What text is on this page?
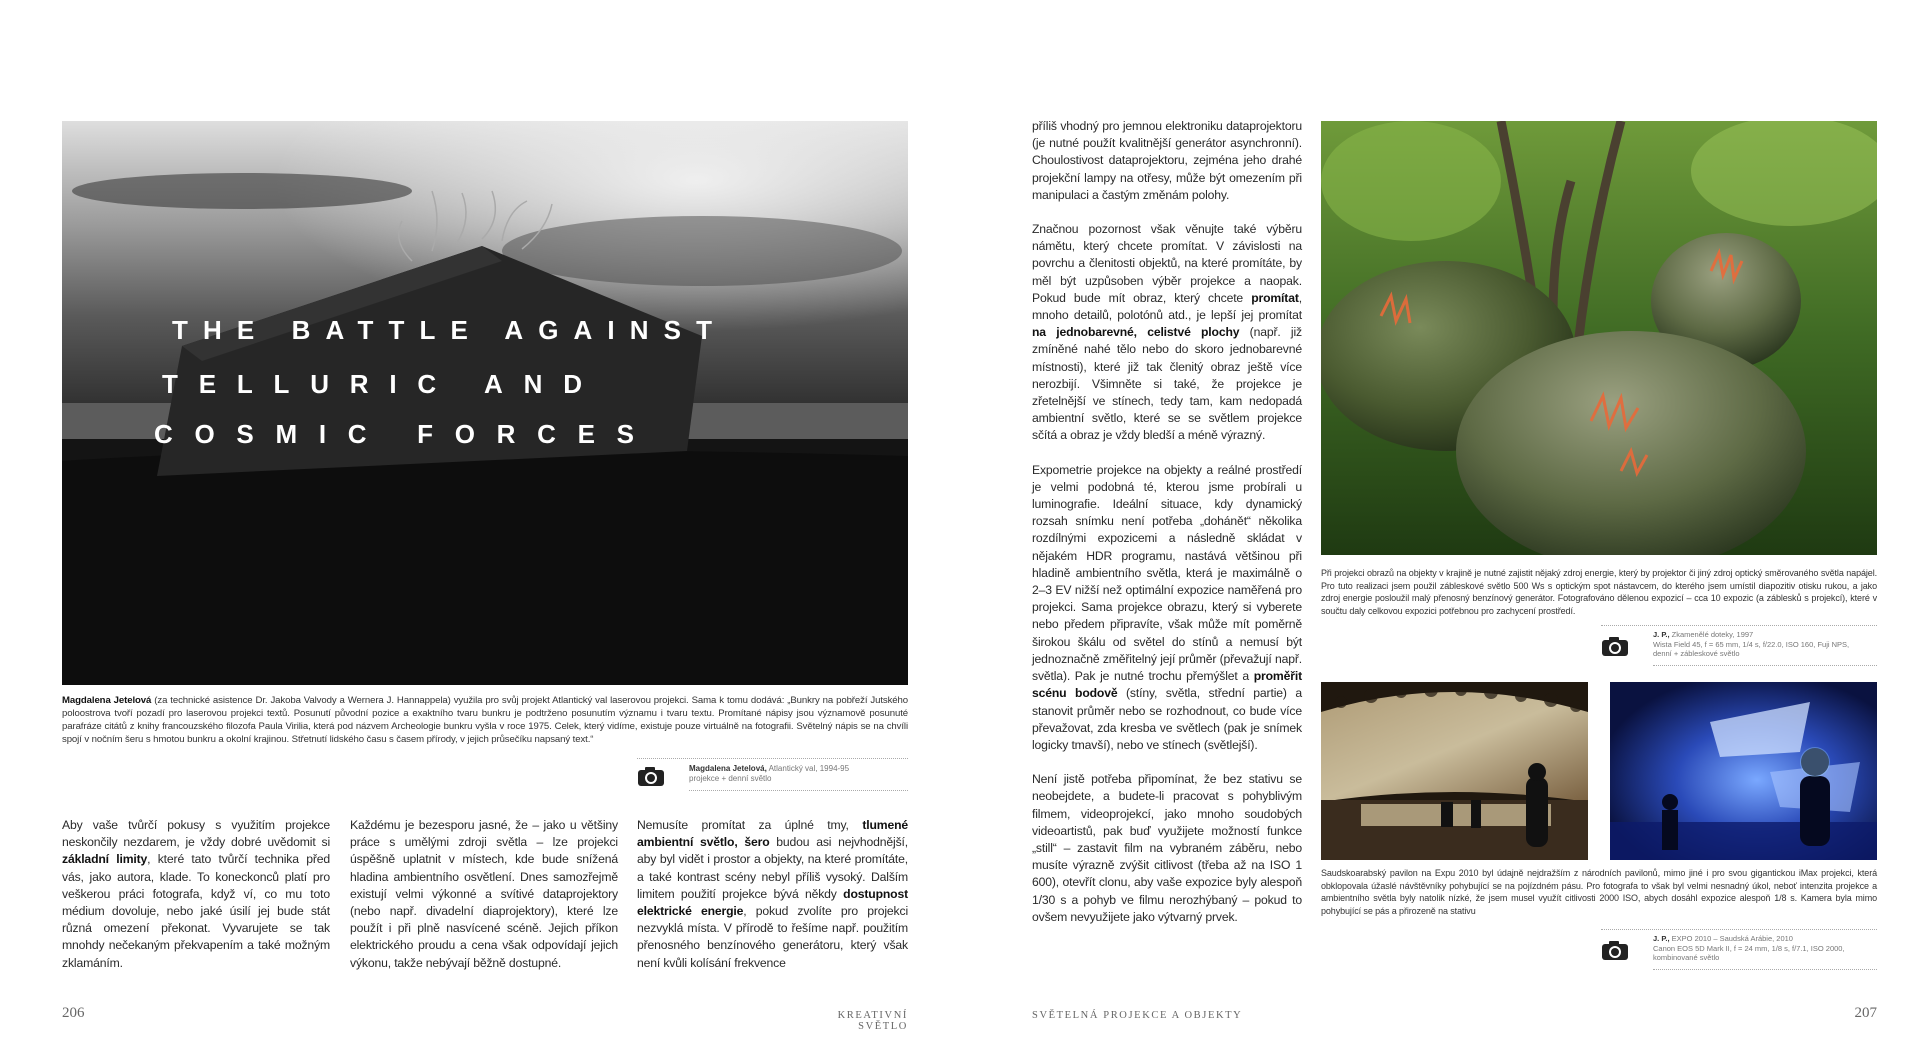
THE BATTLE AGAINST
TELLURIC AND
COSMIC FORCES
Magdalena Jetelová (za technické asistence Dr. Jakoba Valvody a Wernera J. Hannappela) využila pro svůj projekt Atlantický val laserovou projekci. Sama k tomu dodává: „Bunkry na pobřeží Jutského poloostrova tvoří pozadí pro laserovou projekci textů. Posunutí původní pozice a exaktního tvaru bunkru je podtrženo posunutím významu i tvaru textu. Promítané nápisy jsou významově posunuté parafráze citátů z knihy francouzského filozofa Paula Virilia, která pod názvem Archeologie bunkru vyšla v roce 1975. Celek, který vidíme, existuje pouze virtuálně na fotografii. Světelný nápis se na chvíli spojí v nočním šeru s hmotou bunkru a okolní krajinou. Střetnutí lidského času s časem přírody, v jejich průsečíku napsaný text.“
Magdalena Jetelová, Atlantický val, 1994-95
projekce + denní světlo

Aby vaše tvůrčí pokusy s využitím projekce neskončily nezdarem, je vždy dobré uvědomit si základní limity, které tato tvůrčí technika před vás, jako autora, klade. To koneckonců platí pro veškerou práci fotografa, když ví, co mu toto médium dovoluje, nebo jaké úsilí jej bude stát různá omezení překonat. Vyvarujete se tak mnohdy nečekaným překvapením a také možným zklamáním.

Každému je bezesporu jasné, že – jako u většiny práce s umělými zdroji světla – lze projekci úspěšně uplatnit v místech, kde bude snížená hladina ambientního osvětlení. Dnes samozřejmě existují velmi výkonné a svítivé dataprojektory (nebo např. divadelní diaprojektory), které lze použít i při plně nasvícené scéně. Jejich příkon elektrického proudu a cena však odpovídají jejich výkonu, takže nebývají běžně dostupné.

Nemusíte promítat za úplné tmy, tlumené ambientní světlo, šero budou asi nejvhodnější, aby byl vidět i prostor a objekty, na které promítáte, a také kontrast scény nebyl příliš vysoký. Dalším limitem použití projekce bývá někdy dostupnost elektrické energie, pokud zvolíte pro projekci nezvyklá místa. V přírodě to řešíme např. použitím přenosného benzínového generátoru, který však není kvůli kolísání frekvence

206	KREATIVNÍ SVĚTLO

příliš vhodný pro jemnou elektroniku dataprojektoru (je nutné použít kvalitnější generátor asynchronní). Choulostivost dataprojektoru, zejména jeho drahé projekční lampy na otřesy, může být omezením při manipulaci a častým změnám polohy.

Značnou pozornost však věnujte také výběru námětu, který chcete promítat. V závislosti na povrchu a členitosti objektů, na které promítáte, by měl být uzpůsoben výběr projekce a naopak. Pokud bude mít obraz, který chcete promítat, mnoho detailů, polotónů atd., je lepší jej promítat na jednobarevné, celistvé plochy (např. již zmíněné nahé tělo nebo do skoro jednobarevné místnosti), které již tak členitý obraz ještě více nerozbijí. Všimněte si také, že projekce je zřetelnější ve stínech, tedy tam, kam nedopadá ambientní světlo, které se se světlem projekce sčítá a obraz je vždy bledší a méně výrazný.

Expometrie projekce na objekty a reálné prostředí je velmi podobná té, kterou jsme probírali u luminografie. Ideální situace, kdy dynamický rozsah snímku není potřeba „dohánět“ několika rozdílnými expozicemi a následně skládat v nějakém HDR programu, nastává většinou při hladině ambientního světla, která je maximálně o 2–3 EV nižší než optimální expozice naměřená pro projekci. Sama projekce obrazu, který si vyberete nebo předem připravíte, však může mít poměrně širokou škálu od světel do stínů a nemusí být jednoznačně změřitelný její průměr (převažují např. světla). Pak je nutné trochu přemýšlet a proměřit scénu bodově (stíny, světla, střední partie) a stanovit průměr nebo se rozhodnout, co bude více převažovat, zda kresba ve světlech (pak je snímek logicky tmavší), nebo ve stínech (světlejší).

Není jistě potřeba připomínat, že bez stativu se neobejdete, a budete-li pracovat s pohyblivým filmem, videoprojekcí, jako mnoho soudobých videoartistů, pak buď využijete možností funkce „still“ – zastavit film na vybraném záběru, nebo musíte výrazně zvýšit citlivost (třeba až na ISO 1 600), otevřít clonu, aby vaše expozice byly alespoň 1/30 s a pohyb ve filmu nerozhýbaný – pokud to ovšem nevyužijete jako výtvarný prvek.

Při projekci obrazů na objekty v krajině je nutné zajistit nějaký zdroj energie, který by projektor či jiný zdroj optický směrovaného světla napájel. Pro tuto realizaci jsem použil zábleskové světlo 500 Ws s optickým spot nástavcem, do kterého jsem umístil diapozitiv otisku rukou, a jako zdroj energie posloužil malý přenosný benzínový generátor. Fotografováno dělenou expozicí – cca 10 expozic (a záblesků s projekcí), které v součtu daly celkovou expozici potřebnou pro zachycení prostředí.
J. P., Zkamenělé doteky, 1997
Wista Field 45, f = 65 mm, 1/4 s, f/22.0, ISO 160, Fuji NPS,
denní + zábleskové světlo
Saudskoarabský pavilon na Expu 2010 byl údajně nejdražším z národních pavilonů, mimo jiné i pro svou gigantickou iMax projekci, která obklopovala úžaslé návštěvníky pohybující se na pojízdném pásu. Pro fotografa to však byl velmi nesnadný úkol, neboť intenzita projekce a ambientního světla byly natolik nízké, že jsem musel využít citlivosti 2000 ISO, abych dosáhl expozice alespoň 1/8 s. Kamera byla mimo pohybující se pás a přirozeně na stativu
J. P., EXPO 2010 – Saudská Arábie, 2010
Canon EOS 5D Mark II, f = 24 mm, 1/8 s, f/7.1, ISO 2000,
kombinované světlo
SVĚTELNÁ PROJEKCE A OBJEKTY	207
